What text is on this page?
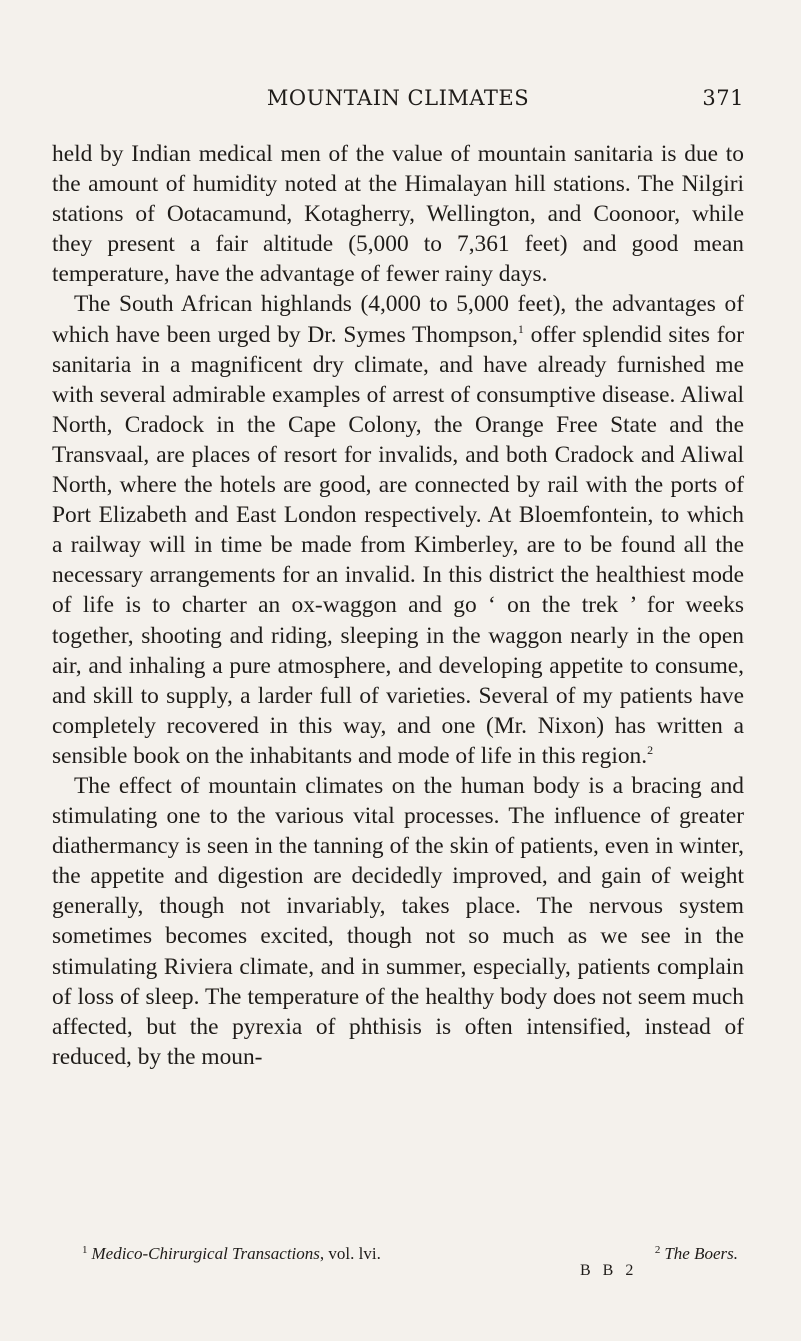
MOUNTAIN CLIMATES	371

held by Indian medical men of the value of mountain sanitaria is due to the amount of humidity noted at the Himalayan hill stations. The Nilgiri stations of Ootacamund, Kotagherry, Wellington, and Coonoor, while they present a fair altitude (5,000 to 7,361 feet) and good mean temperature, have the advantage of fewer rainy days.

The South African highlands (4,000 to 5,000 feet), the advantages of which have been urged by Dr. Symes Thompson,$^1$ offer splendid sites for sanitaria in a magnificent dry climate, and have already furnished me with several admirable examples of arrest of consumptive disease. Aliwal North, Cradock in the Cape Colony, the Orange Free State and the Transvaal, are places of resort for invalids, and both Cradock and Aliwal North, where the hotels are good, are connected by rail with the ports of Port Elizabeth and East London respectively. At Bloemfontein, to which a railway will in time be made from Kimberley, are to be found all the necessary arrangements for an invalid. In this district the healthiest mode of life is to charter an ox-waggon and go ‘ on the trek ’ for weeks together, shooting and riding, sleeping in the waggon nearly in the open air, and inhaling a pure atmosphere, and developing appetite to consume, and skill to supply, a larder full of varieties. Several of my patients have completely recovered in this way, and one (Mr. Nixon) has written a sensible book on the inhabitants and mode of life in this region.$^2$

The effect of mountain climates on the human body is a bracing and stimulating one to the various vital processes. The influence of greater diathermancy is seen in the tanning of the skin of patients, even in winter, the appetite and digestion are decidedly improved, and gain of weight generally, though not invariably, takes place. The nervous system sometimes becomes excited, though not so much as we see in the stimulating Riviera climate, and in summer, especially, patients complain of loss of sleep. The temperature of the healthy body does not seem much affected, but the pyrexia of phthisis is often intensified, instead of reduced, by the moun-

$^1$ Medico-Chirurgical Transactions, vol. lvi.	$^2$ The Boers.
B B 2
